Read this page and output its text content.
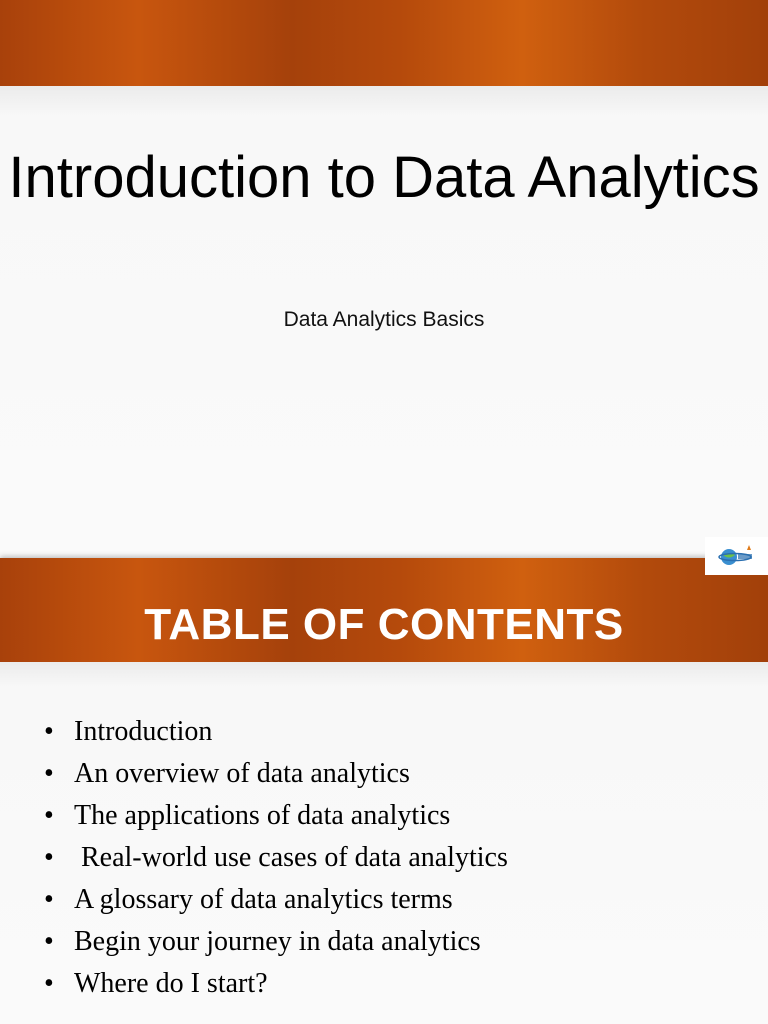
Introduction to Data Analytics

Data Analytics Basics

TABLE OF CONTENTS
• Introduction
• An overview of data analytics
• The applications of data analytics
• Real-world use cases of data analytics
• A glossary of data analytics terms
• Begin your journey in data analytics
• Where do I start?
